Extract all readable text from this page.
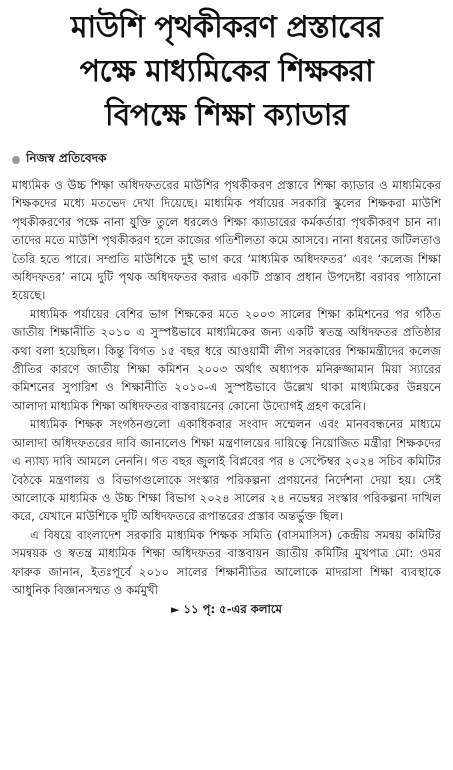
মাউশি পৃথকীকরণ প্রস্তাবের
পক্ষে মাধ্যমিকের শিক্ষকরা
বিপক্ষে শিক্ষা ক্যাডার
নিজস্ব প্রতিবেদক

মাধ্যমিক ও উচ্চ শিক্ষা অধিদফতরের মাউশির পৃথকীকরণ প্রস্তাবে শিক্ষা ক্যাডার ও মাধ্যমিকের শিক্ষকদের মধ্যে মতভেদ দেখা দিয়েছে। মাধ্যমিক পর্যায়ের সরকারি স্কুলের শিক্ষকরা মাউশি পৃথকীকরণের পক্ষে নানা যুক্তি তুলে ধরলেও শিক্ষা ক্যাডারের কর্মকর্তারা পৃথকীকরণ চান না। তাদের মতে মাউশি পৃথকীকরণ হলে কাজের গতিশীলতা কমে আসবে। নানা ধরনের জটিলতাও তৈরি হতে পারে। সম্প্রতি মাউশিকে দুই ভাগ করে ‘মাধ্যমিক অধিদফতর’ এবং ‘কলেজ শিক্ষা অধিদফতর’ নামে দুটি পৃথক অধিদফতর করার একটি প্রস্তাব প্রধান উপদেষ্টা বরাবর পাঠানো হয়েছে।

মাধ্যমিক পর্যায়ের বেশির ভাগ শিক্ষকের মতে ২০০৩ সালের শিক্ষা কমিশনের পর গঠিত জাতীয় শিক্ষানীতি ২০১০ এ সুস্পষ্টভাবে মাধ্যমিকের জন্য একটি স্বতন্ত্র অধিদফতর প্রতিষ্ঠার কথা বলা হয়েছিল। কিন্তু বিগত ১৫ বছর ধরে আওয়ামী লীগ সরকারের শিক্ষামন্ত্রীদের কলেজ প্রীতির কারণে জাতীয় শিক্ষা কমিশন ২০০৩ অর্থাৎ অধ্যাপক মনিরুজ্জামান মিয়া স্যারের কমিশনের সুপারিশ ও শিক্ষানীতি ২০১০-এ সুস্পষ্টভাবে উল্লেখ থাকা মাধ্যমিকের উন্নয়নে আলাদা মাধ্যমিক শিক্ষা অধিদফতর বাস্তবায়নের কোনো উদ্যোগই গ্রহণ করেনি।

মাধ্যমিক শিক্ষক সংগঠনগুলো একাধিকবার সংবাদ সম্মেলন এবং মানববন্ধনের মাধ্যমে আলাদা অধিদফতরের দাবি জানালেও শিক্ষা মন্ত্রণালয়ের দায়িত্বে নিয়োজিত মন্ত্রীরা শিক্ষকদের এ ন্যায্য দাবি আমলে নেননি। গত বছর জুলাই বিপ্লবের পর ৪ সেপ্টেম্বর ২০২৪ সচিব কমিটির বৈঠকে মন্ত্রণালয় ও বিভাগগুলোকে সংস্কার পরিকল্পনা প্রণয়নের নির্দেশনা দেয়া হয়। সেই আলোকে মাধ্যমিক ও উচ্চ শিক্ষা বিভাগ ২০২৪ সালের ২৪ নভেম্বর সংস্কার পরিকল্পনা দাখিল করে, যেখানে মাউশিকে দুটি অধিদফতরে রূপান্তরের প্রস্তাব অন্তর্ভুক্ত ছিল।

এ বিষয়ে বাংলাদেশ সরকারি মাধ্যমিক শিক্ষক সমিতি (বাসমাসিস) কেন্দ্রীয় সমন্বয় কমিটির সমন্বয়ক ও স্বতন্ত্র মাধ্যমিক শিক্ষা অধিদফতর বাস্তবায়ন জাতীয় কমিটির মুখপাত্র মো: ওমর ফারুক জানান, ইতঃপূর্বে ২০১০ সালের শিক্ষানীতির আলোকে মাদরাসা শিক্ষা ব্যবস্থাকে আধুনিক বিজ্ঞানসম্মত ও কর্মমুখী

► ১১ পৃ: ৫-এর কলামে
